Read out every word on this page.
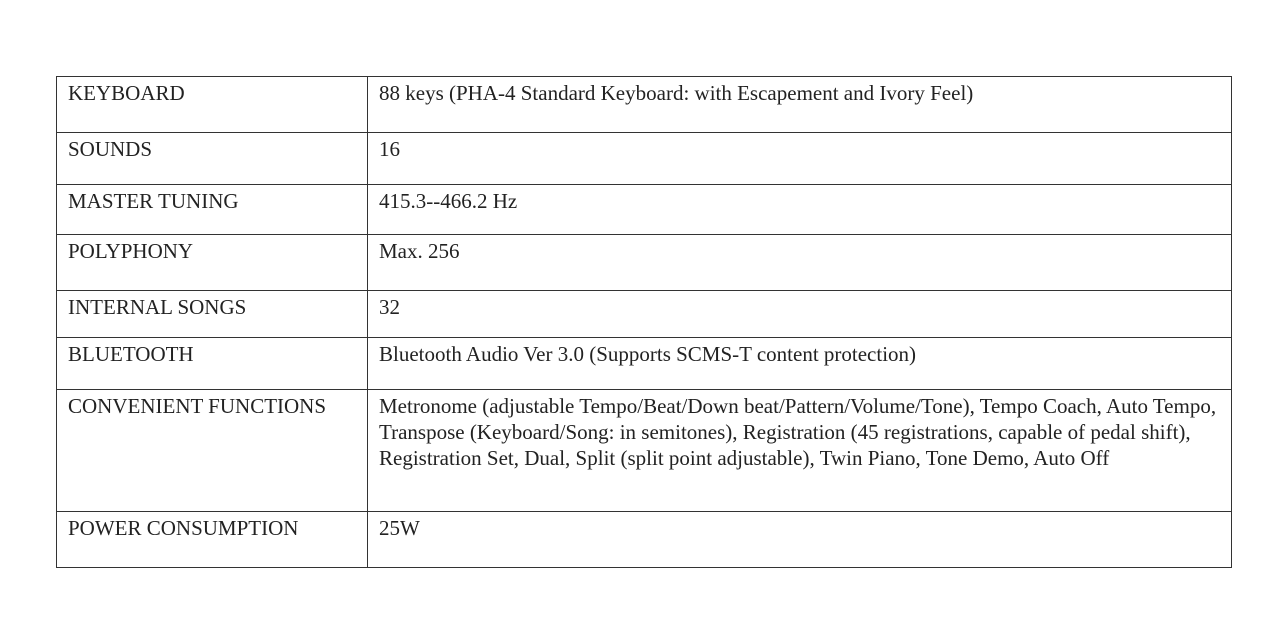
KEYBOARD	88 keys (PHA-4 Standard Keyboard: with Escapement and Ivory Feel)
SOUNDS	16
MASTER TUNING	415.3--466.2 Hz
POLYPHONY	Max. 256
INTERNAL SONGS	32
BLUETOOTH	Bluetooth Audio Ver 3.0 (Supports SCMS-T content protection)
CONVENIENT FUNCTIONS	Metronome (adjustable Tempo/Beat/Down beat/Pattern/Volume/Tone), Tempo Coach, Auto Tempo, Transpose (Keyboard/Song: in semitones), Registration (45 registrations, capable of pedal shift), Registration Set, Dual, Split (split point adjustable), Twin Piano, Tone Demo, Auto Off
POWER CONSUMPTION	25W
